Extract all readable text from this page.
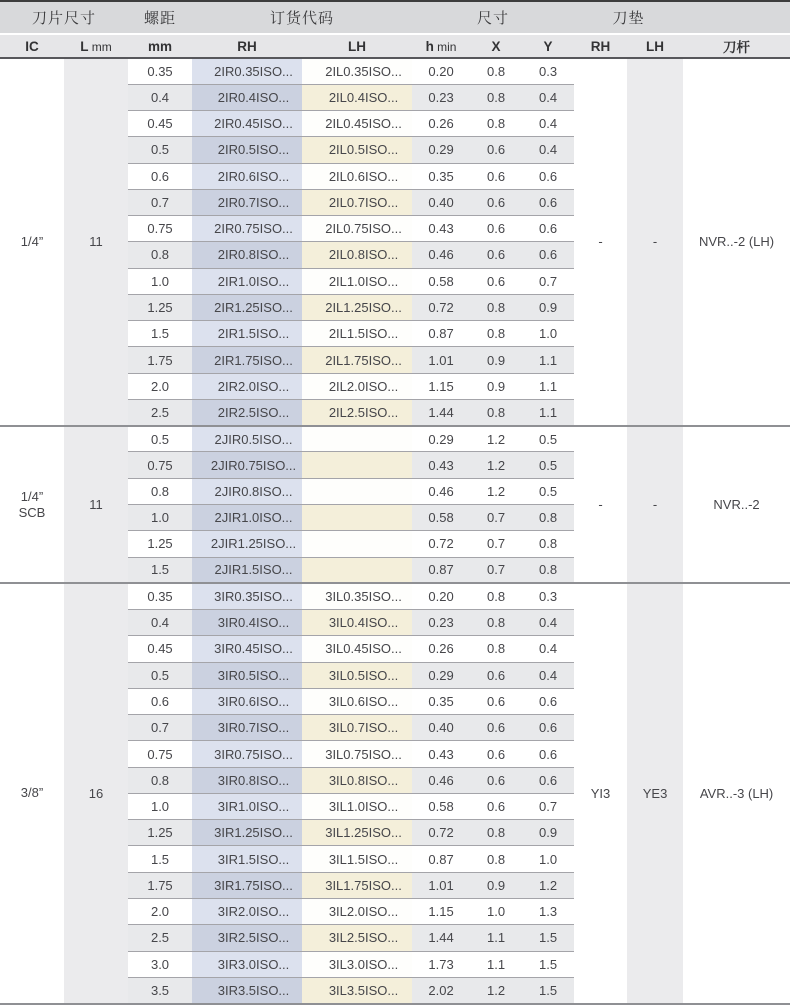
刀片尺寸		螺距	订货代码		尺寸			刀垫		
IC	L mm	mm	RH	LH	h min	X	Y	RH	LH	刀杆

1/4”	11	0.35	2IR0.35ISO...	2IL0.35ISO...	0.20	0.8	0.3	-	-	NVR..-2 (LH)
		0.4	2IR0.4ISO...	2IL0.4ISO...	0.23	0.8	0.4			
		0.45	2IR0.45ISO...	2IL0.45ISO...	0.26	0.8	0.4			
		0.5	2IR0.5ISO...	2IL0.5ISO...	0.29	0.6	0.4			
		0.6	2IR0.6ISO...	2IL0.6ISO...	0.35	0.6	0.6			
		0.7	2IR0.7ISO...	2IL0.7ISO...	0.40	0.6	0.6			
		0.75	2IR0.75ISO...	2IL0.75ISO...	0.43	0.6	0.6			
		0.8	2IR0.8ISO...	2IL0.8ISO...	0.46	0.6	0.6			
		1.0	2IR1.0ISO...	2IL1.0ISO...	0.58	0.6	0.7			
		1.25	2IR1.25ISO...	2IL1.25ISO...	0.72	0.8	0.9			
		1.5	2IR1.5ISO...	2IL1.5ISO...	0.87	0.8	1.0			
		1.75	2IR1.75ISO...	2IL1.75ISO...	1.01	0.9	1.1			
		2.0	2IR2.0ISO...	2IL2.0ISO...	1.15	0.9	1.1			
		2.5	2IR2.5ISO...	2IL2.5ISO...	1.44	0.8	1.1			

1/4”
SCB	11	0.5	2JIR0.5ISO...		0.29	1.2	0.5	-	-	NVR..-2
		0.75	2JIR0.75ISO...		0.43	1.2	0.5			
		0.8	2JIR0.8ISO...		0.46	1.2	0.5			
		1.0	2JIR1.0ISO...		0.58	0.7	0.8			
		1.25	2JIR1.25ISO...		0.72	0.7	0.8			
		1.5	2JIR1.5ISO...		0.87	0.7	0.8			

3/8”	16	0.35	3IR0.35ISO...	3IL0.35ISO...	0.20	0.8	0.3	YI3	YE3	AVR..-3 (LH)
		0.4	3IR0.4ISO...	3IL0.4ISO...	0.23	0.8	0.4			
		0.45	3IR0.45ISO...	3IL0.45ISO...	0.26	0.8	0.4			
		0.5	3IR0.5ISO...	3IL0.5ISO...	0.29	0.6	0.4			
		0.6	3IR0.6ISO...	3IL0.6ISO...	0.35	0.6	0.6			
		0.7	3IR0.7ISO...	3IL0.7ISO...	0.40	0.6	0.6			
		0.75	3IR0.75ISO...	3IL0.75ISO...	0.43	0.6	0.6			
		0.8	3IR0.8ISO...	3IL0.8ISO...	0.46	0.6	0.6			
		1.0	3IR1.0ISO...	3IL1.0ISO...	0.58	0.6	0.7			
		1.25	3IR1.25ISO...	3IL1.25ISO...	0.72	0.8	0.9			
		1.5	3IR1.5ISO...	3IL1.5ISO...	0.87	0.8	1.0			
		1.75	3IR1.75ISO...	3IL1.75ISO...	1.01	0.9	1.2			
		2.0	3IR2.0ISO...	3IL2.0ISO...	1.15	1.0	1.3			
		2.5	3IR2.5ISO...	3IL2.5ISO...	1.44	1.1	1.5			
		3.0	3IR3.0ISO...	3IL3.0ISO...	1.73	1.1	1.5			
		3.5	3IR3.5ISO...	3IL3.5ISO...	2.02	1.2	1.5			
